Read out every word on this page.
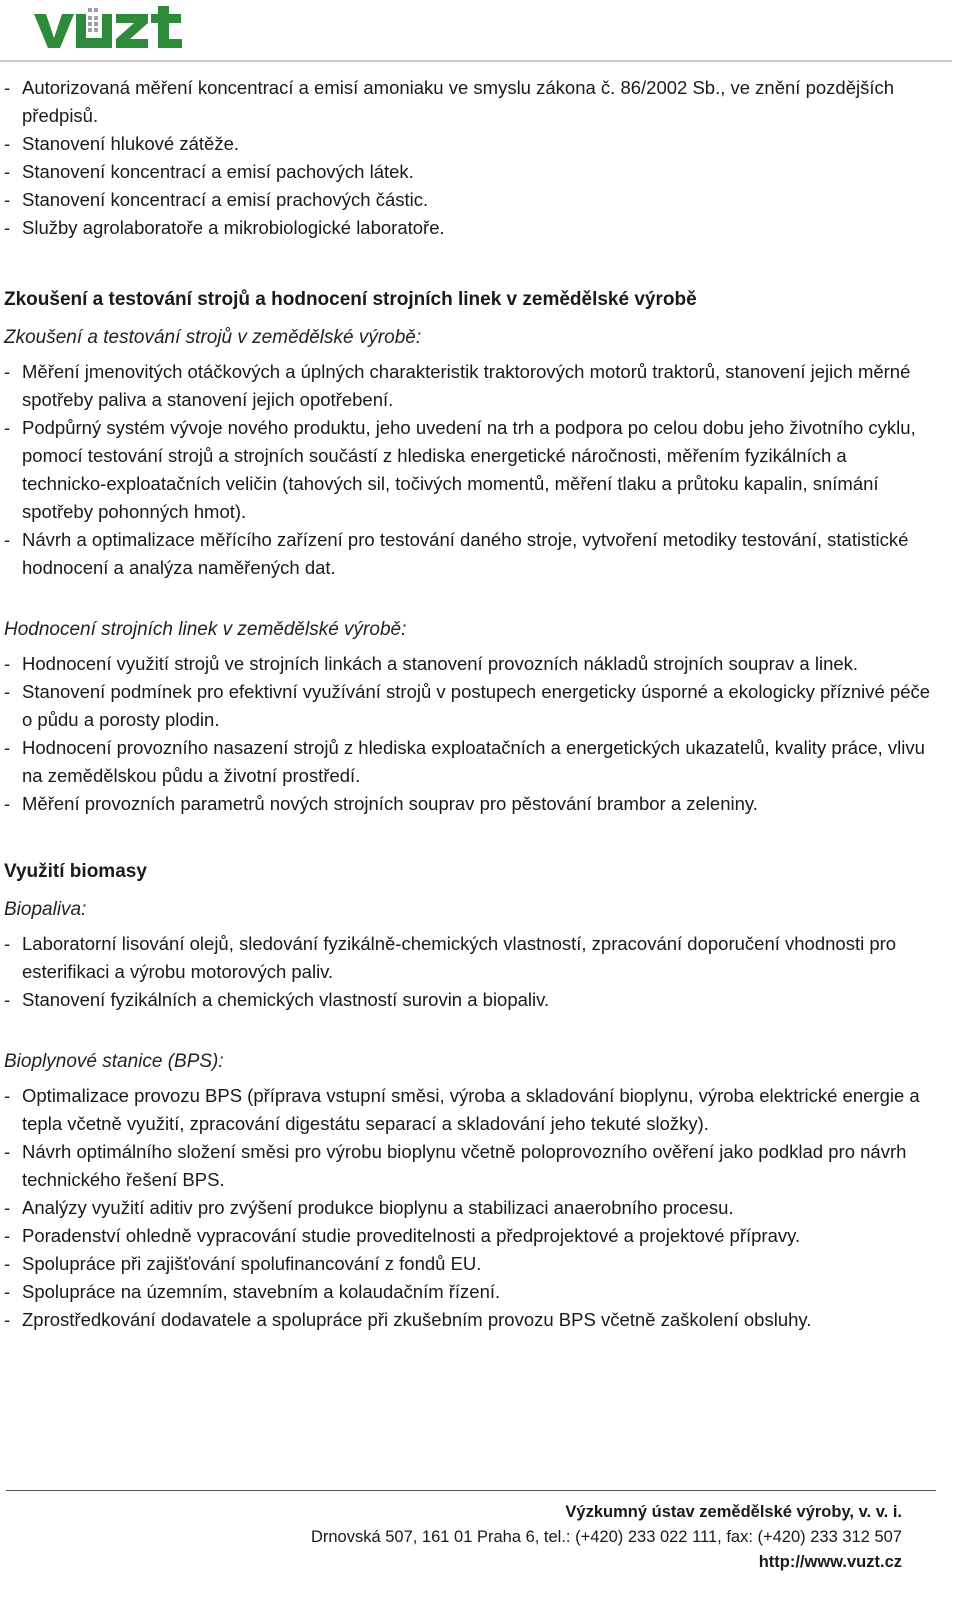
- Autorizovaná měření koncentrací a emisí amoniaku ve smyslu zákona č. 86/2002 Sb., ve znění pozdějších předpisů.
- Stanovení hlukové zátěže.
- Stanovení koncentrací a emisí pachových látek.
- Stanovení koncentrací a emisí prachových částic.
- Služby agrolaboratoře a mikrobiologické laboratoře.
Zkoušení a testování strojů a hodnocení strojních linek v zemědělské výrobě

Zkoušení a testování strojů v zemědělské výrobě:

- Měření jmenovitých otáčkových a úplných charakteristik traktorových motorů traktorů, stanovení jejich měrné spotřeby paliva a stanovení jejich opotřebení.
- Podpůrný systém vývoje nového produktu, jeho uvedení na trh a podpora po celou dobu jeho životního cyklu, pomocí testování strojů a strojních součástí z hlediska energetické náročnosti, měřením fyzikálních a technicko-exploatačních veličin (tahových sil, točivých momentů, měření tlaku a průtoku kapalin, snímání spotřeby pohonných hmot).
- Návrh a optimalizace měřícího zařízení pro testování daného stroje, vytvoření metodiky testování, statistické hodnocení a analýza naměřených dat.

Hodnocení strojních linek v zemědělské výrobě:

- Hodnocení využití strojů ve strojních linkách a stanovení provozních nákladů strojních souprav a linek.
- Stanovení podmínek pro efektivní využívání strojů v postupech energeticky úsporné a ekologicky příznivé péče o půdu a porosty plodin.
- Hodnocení provozního nasazení strojů z hlediska exploatačních a energetických ukazatelů, kvality práce, vlivu na zemědělskou půdu a životní prostředí.
- Měření provozních parametrů nových strojních souprav pro pěstování brambor a zeleniny.
Využití biomasy

Biopaliva:

- Laboratorní lisování olejů, sledování fyzikálně-chemických vlastností, zpracování doporučení vhodnosti pro esterifikaci a výrobu motorových paliv.
- Stanovení fyzikálních a chemických vlastností surovin a biopaliv.

Bioplynové stanice (BPS):

- Optimalizace provozu BPS (příprava vstupní směsi, výroba a skladování bioplynu, výroba elektrické energie a tepla včetně využití, zpracování digestátu separací a skladování jeho tekuté složky).
- Návrh optimálního složení směsi pro výrobu bioplynu včetně poloprovozního ověření jako podklad pro návrh technického řešení BPS.
- Analýzy využití aditiv pro zvýšení produkce bioplynu a stabilizaci anaerobního procesu.
- Poradenství ohledně vypracování studie proveditelnosti a předprojektové a projektové přípravy.
- Spolupráce při zajišťování spolufinancování z fondů EU.
- Spolupráce na územním, stavebním a kolaudačním řízení.
- Zprostředkování dodavatele a spolupráce při zkušebním provozu BPS včetně zaškolení obsluhy.
Výzkumný ústav zemědělské výroby, v. v. i.
Drnovská 507, 161 01 Praha 6, tel.: (+420) 233 022 111, fax: (+420) 233 312 507
http://www.vuzt.cz
